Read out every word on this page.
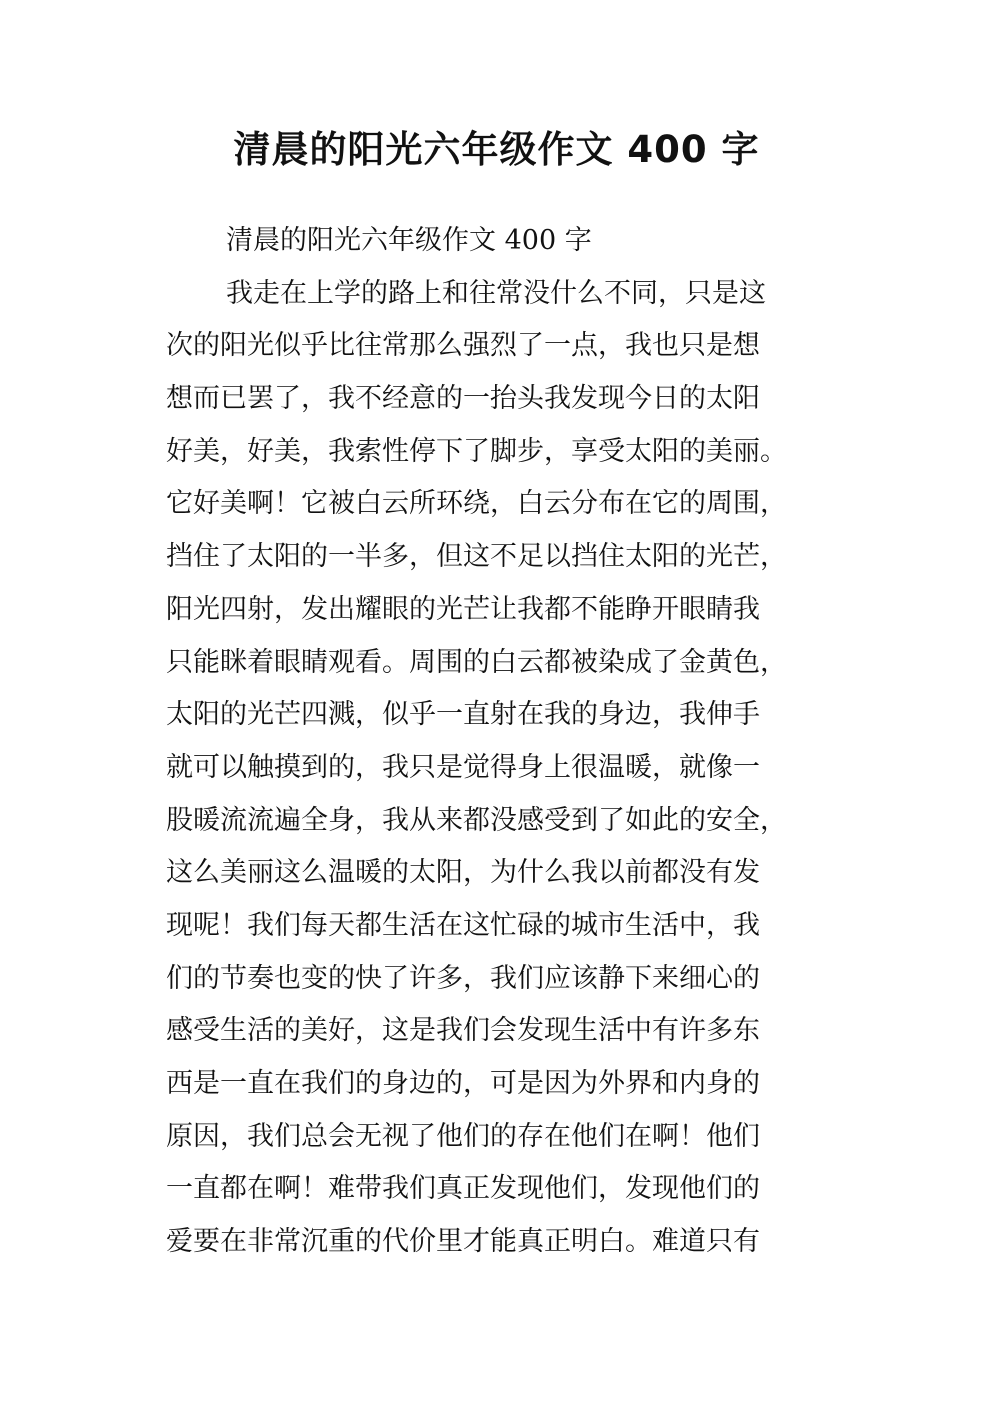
清晨的阳光六年级作文 400 字
清晨的阳光六年级作文 400 字
我走在上学的路上和往常没什么不同，只是这
次的阳光似乎比往常那么强烈了一点，我也只是想
想而已罢了，我不经意的一抬头我发现今日的太阳
好美，好美，我索性停下了脚步，享受太阳的美丽。
它好美啊！它被白云所环绕，白云分布在它的周围，
挡住了太阳的一半多，但这不足以挡住太阳的光芒，
阳光四射，发出耀眼的光芒让我都不能睁开眼睛我
只能眯着眼睛观看。周围的白云都被染成了金黄色，
太阳的光芒四溅，似乎一直射在我的身边，我伸手
就可以触摸到的，我只是觉得身上很温暖，就像一
股暖流流遍全身，我从来都没感受到了如此的安全，
这么美丽这么温暖的太阳，为什么我以前都没有发
现呢！我们每天都生活在这忙碌的城市生活中，我
们的节奏也变的快了许多，我们应该静下来细心的
感受生活的美好，这是我们会发现生活中有许多东
西是一直在我们的身边的，可是因为外界和内身的
原因，我们总会无视了他们的存在他们在啊！他们
一直都在啊！难带我们真正发现他们，发现他们的
爱要在非常沉重的代价里才能真正明白。难道只有
